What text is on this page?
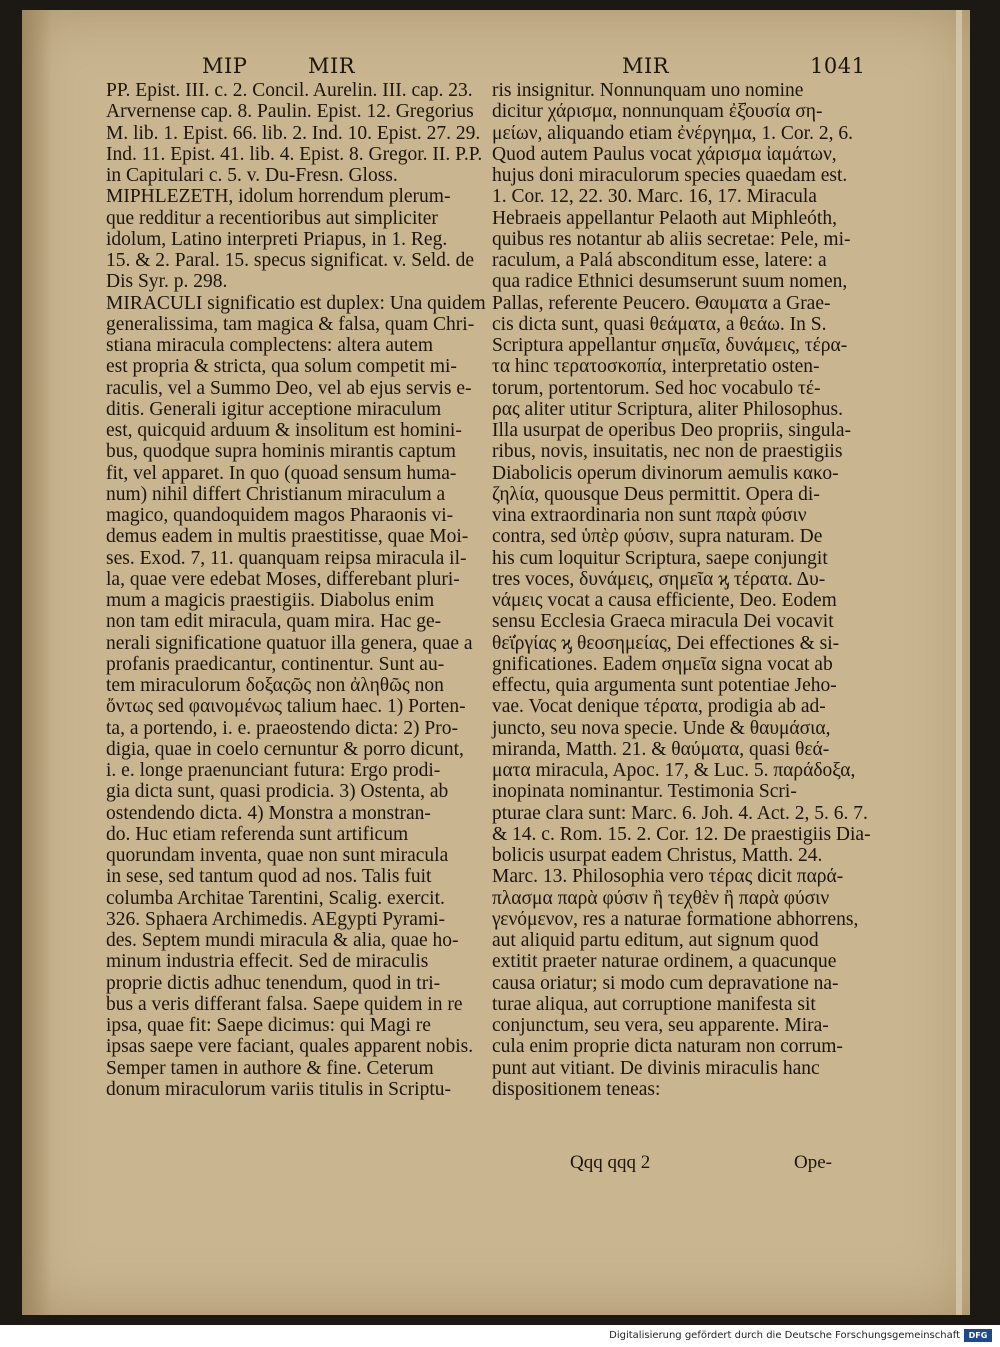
MIP	MIR	MIR	1041
PP. Epist. III. c. 2. Concil. Aurelin. III. cap. 23.
Arvernense cap. 8. Paulin. Epist. 12. Gregorius
M. lib. 1. Epist. 66. lib. 2. Ind. 10. Epist. 27. 29.
Ind. 11. Epist. 41. lib. 4. Epist. 8. Gregor. II. P.P.
in Capitulari c. 5. v. Du-Fresn. Gloss.
MIPHLEZETH, idolum horrendum plerum-
que redditur a recentioribus aut simpliciter
idolum, Latino interpreti Priapus, in 1. Reg.
15. & 2. Paral. 15. specus significat. v. Seld. de
Dis Syr. p. 298.
MIRACULI significatio est duplex: Una quidem
generalissima, tam magica & falsa, quam Chri-
stiana miracula complectens: altera autem
est propria & stricta, qua solum competit mi-
raculis, vel a Summo Deo, vel ab ejus servis e-
ditis. Generali igitur acceptione miraculum
est, quicquid arduum & insolitum est homini-
bus, quodque supra hominis mirantis captum
fit, vel apparet. In quo (quoad sensum huma-
num) nihil differt Christianum miraculum a
magico, quandoquidem magos Pharaonis vi-
demus eadem in multis praestitisse, quae Moi-
ses. Exod. 7, 11. quanquam reipsa miracula il-
la, quae vere edebat Moses, differebant pluri-
mum a magicis praestigiis. Diabolus enim
non tam edit miracula, quam mira. Hac ge-
nerali significatione quatuor illa genera, quae a
profanis praedicantur, continentur. Sunt au-
tem miraculorum δοξαςῶς non ἀληθῶς non
ὄντως sed φαινομένως talium haec. 1) Porten-
ta, a portendo, i. e. praeostendo dicta: 2) Pro-
digia, quae in coelo cernuntur & porro dicunt,
i. e. longe praenunciant futura: Ergo prodi-
gia dicta sunt, quasi prodicia. 3) Ostenta, ab
ostendendo dicta. 4) Monstra a monstran-
do. Huc etiam referenda sunt artificum
quorundam inventa, quae non sunt miracula
in sese, sed tantum quod ad nos. Talis fuit
columba Architae Tarentini, Scalig. exercit.
326. Sphaera Archimedis. AEgypti Pyrami-
des. Septem mundi miracula & alia, quae ho-
minum industria effecit. Sed de miraculis
proprie dictis adhuc tenendum, quod in tri-
bus a veris differant falsa. Saepe quidem in re
ipsa, quae fit: Saepe dicimus: qui Magi re
ipsas saepe vere faciant, quales apparent nobis.
Semper tamen in authore & fine. Ceterum
donum miraculorum variis titulis in Scriptu-
ris insignitur. Nonnunquam uno nomine
dicitur χάρισμα, nonnunquam ἐξ̓ουσία ση-
μείων, aliquando etiam ἐνέργημα, 1. Cor. 2, 6.
Quod autem Paulus vocat χάρισμα ἰαμάτων,
hujus doni miraculorum species quaedam est.
1. Cor. 12, 22. 30. Marc. 16, 17. Miracula
Hebraeis appellantur Pelaoth aut Miphleóth,
quibus res notantur ab aliis secretae: Pele, mi-
raculum, a Palá absconditum esse, latere: a
qua radice Ethnici desumserunt suum nomen,
Pallas, referente Peucero. Θαυματα a Grae-
cis dicta sunt, quasi θεάματα, a θεάω. In S.
Scriptura appellantur σημεῖα, δυνάμεις, τέρα-
τα hinc τερατοσκοπία, interpretatio osten-
torum, portentorum. Sed hoc vocabulo τέ-
ρας aliter utitur Scriptura, aliter Philosophus.
Illa usurpat de operibus Deo propriis, singula-
ribus, novis, insuitatis, nec non de praestigiis
Diabolicis operum divinorum aemulis κακο-
ζηλία, quousque Deus permittit. Opera di-
vina extraordinaria non sunt παρὰ φύσιν
contra, sed ὑπὲρ φύσιν, supra naturam. De
his cum loquitur Scriptura, saepe conjungit
tres voces, δυνάμεις, σημεῖα ϗ τέρατα. Δυ-
νάμεις vocat a causa efficiente, Deo. Eodem
sensu Ecclesia Graeca miracula Dei vocavit
θεϊ̓ργίας ϗ θεοσημείας, Dei effectiones & si-
gnificationes. Eadem σημεῖα signa vocat ab
effectu, quia argumenta sunt potentiae Jeho-
vae. Vocat denique τέρατα, prodigia ab ad-
juncto, seu nova specie. Unde & θαυμάσια,
miranda, Matth. 21. & θαύματα, quasi θεά-
ματα miracula, Apoc. 17, & Luc. 5. παράδοξα,
inopinata nominantur. Testimonia Scri-
pturae clara sunt: Marc. 6. Joh. 4. Act. 2, 5. 6. 7.
& 14. c. Rom. 15. 2. Cor. 12. De praestigiis Dia-
bolicis usurpat eadem Christus, Matth. 24.
Marc. 13. Philosophia vero τέρας dicit παρά-
πλασμα παρὰ φύσιν ἢ τεχθὲν ἢ παρὰ φύσιν
γενόμενον, res a naturae formatione abhorrens,
aut aliquid partu editum, aut signum quod
extitit praeter naturae ordinem, a quacunque
causa oriatur; si modo cum depravatione na-
turae aliqua, aut corruptione manifesta sit
conjunctum, seu vera, seu apparente. Mira-
cula enim proprie dicta naturam non corrum-
punt aut vitiant. De divinis miraculis hanc
dispositionem teneas:
Qqq qqq 2	Ope-
Digitalisierung gefördert durch die Deutsche Forschungsgemeinschaft	DFG
